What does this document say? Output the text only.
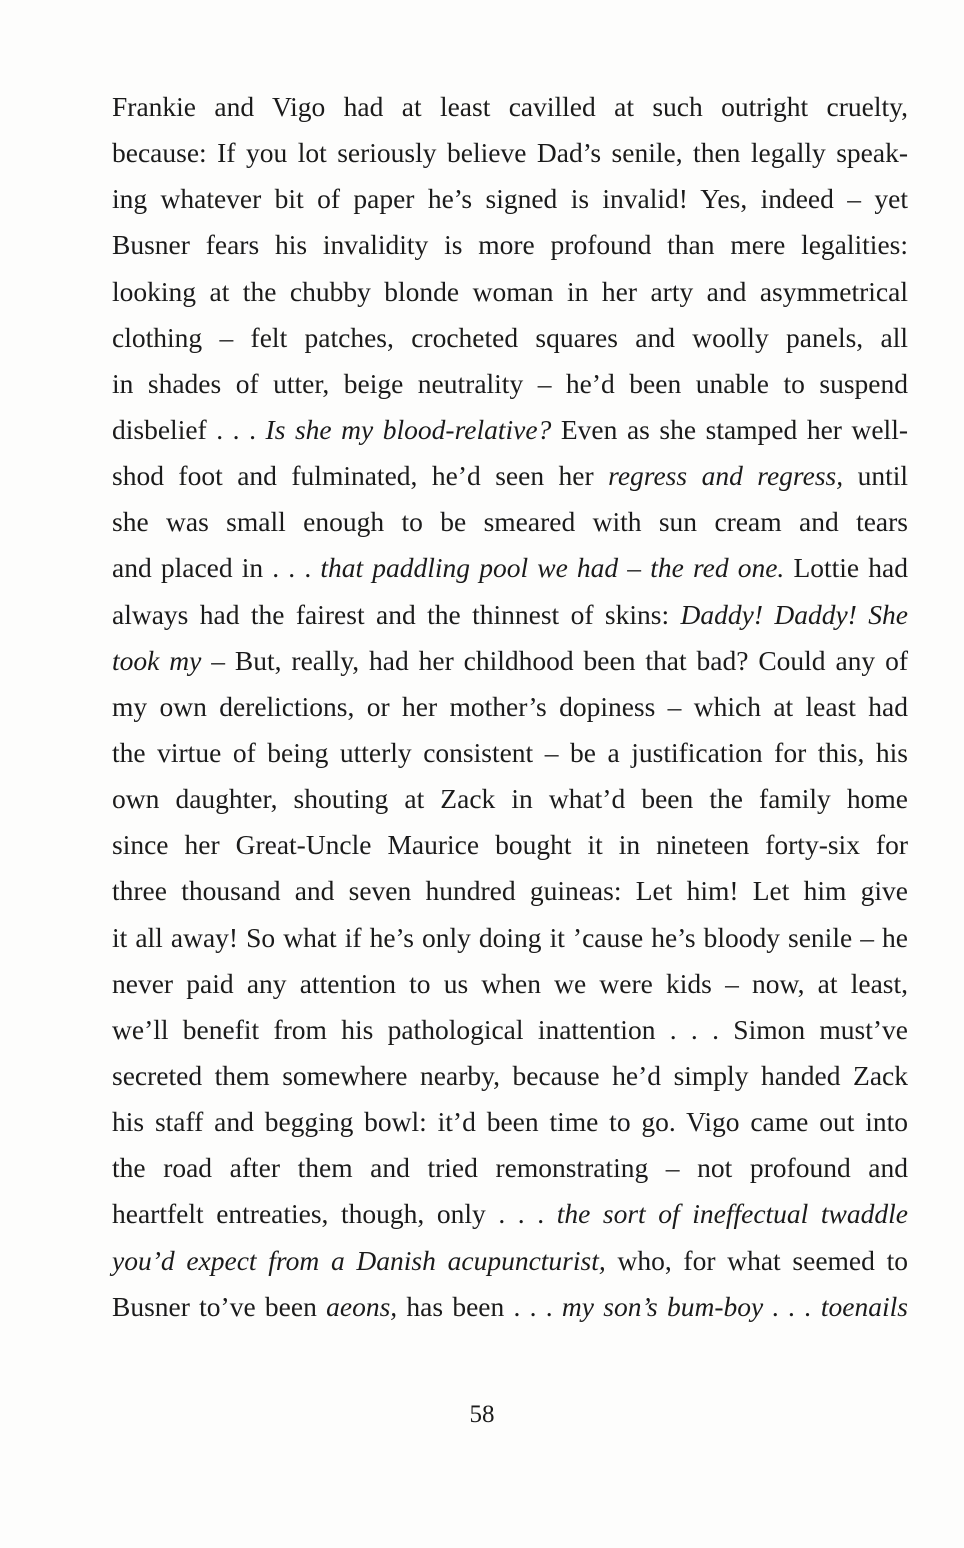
Frankie and Vigo had at least cavilled at such outright cruelty,
because: If you lot seriously believe Dad’s senile, then legally speak-
ing whatever bit of paper he’s signed is invalid! Yes, indeed – yet
Busner fears his invalidity is more profound than mere legalities:
looking at the chubby blonde woman in her arty and asymmetrical
clothing – felt patches, crocheted squares and woolly panels, all
in shades of utter, beige neutrality – he’d been unable to suspend
disbelief . . . Is she my blood-relative? Even as she stamped her well-
shod foot and fulminated, he’d seen her regress and regress, until
she was small enough to be smeared with sun cream and tears
and placed in . . . that paddling pool we had – the red one. Lottie had
always had the fairest and the thinnest of skins: Daddy! Daddy! She
took my – But, really, had her childhood been that bad? Could any of
my own derelictions, or her mother’s dopiness – which at least had
the virtue of being utterly consistent – be a justification for this, his
own daughter, shouting at Zack in what’d been the family home
since her Great-Uncle Maurice bought it in nineteen forty-six for
three thousand and seven hundred guineas: Let him! Let him give
it all away! So what if he’s only doing it ’cause he’s bloody senile – he
never paid any attention to us when we were kids – now, at least,
we’ll benefit from his pathological inattention . . . Simon must’ve
secreted them somewhere nearby, because he’d simply handed Zack
his staff and begging bowl: it’d been time to go. Vigo came out into
the road after them and tried remonstrating – not profound and
heartfelt entreaties, though, only . . . the sort of ineffectual twaddle
you’d expect from a Danish acupuncturist, who, for what seemed to
Busner to’ve been aeons, has been . . . my son’s bum-boy . . . toenails
58
